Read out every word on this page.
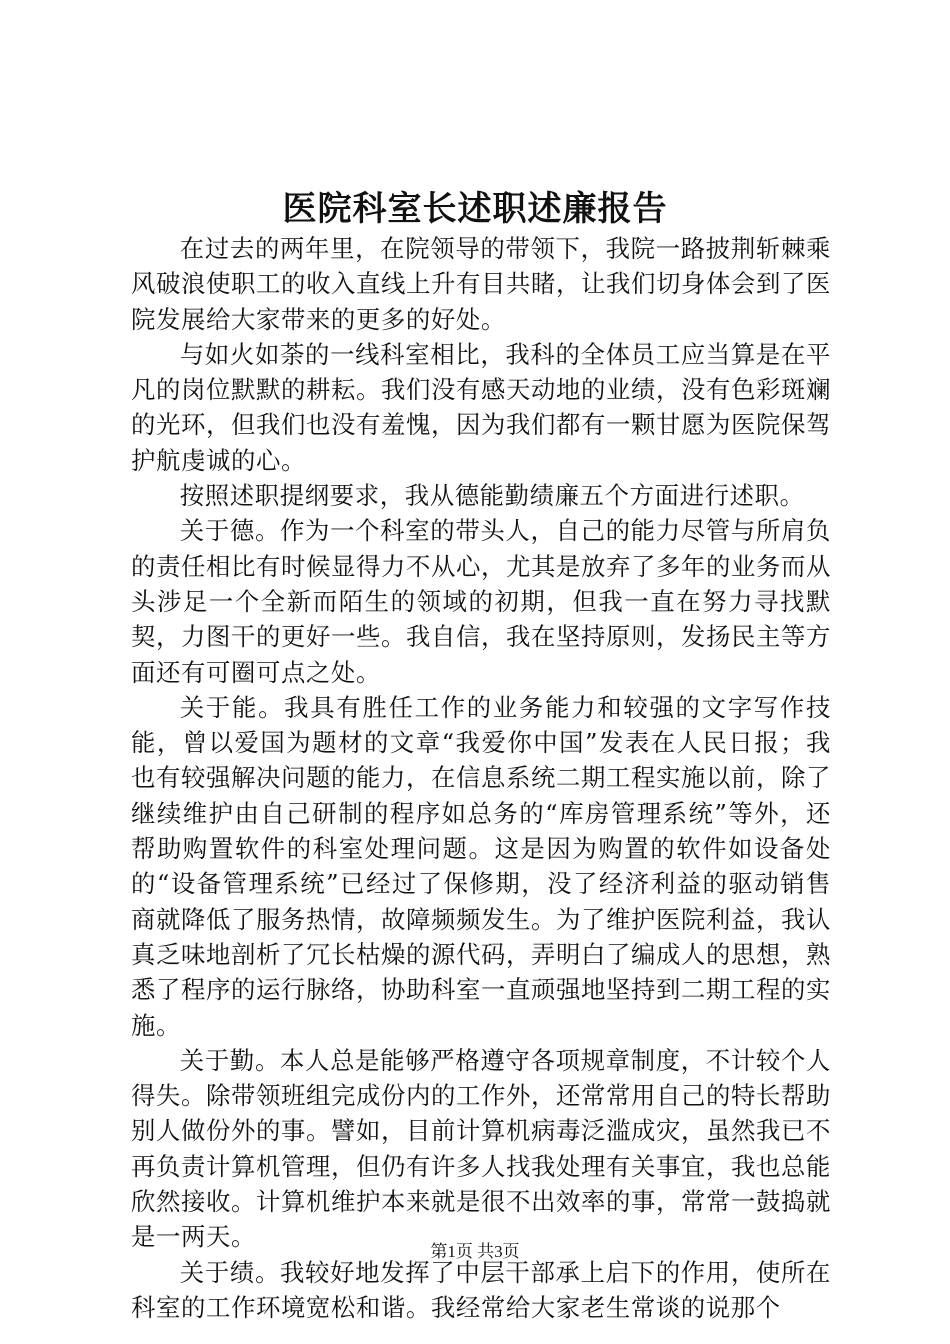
医院科室长述职述廉报告

在过去的两年里，在院领导的带领下，我院一路披荆斩棘乘风破浪使职工的收入直线上升有目共睹，让我们切身体会到了医院发展给大家带来的更多的好处。

与如火如荼的一线科室相比，我科的全体员工应当算是在平凡的岗位默默的耕耘。我们没有感天动地的业绩，没有色彩斑斓的光环，但我们也没有羞愧，因为我们都有一颗甘愿为医院保驾护航虔诚的心。

按照述职提纲要求，我从德能勤绩廉五个方面进行述职。

关于德。作为一个科室的带头人，自己的能力尽管与所肩负的责任相比有时候显得力不从心，尤其是放弃了多年的业务而从头涉足一个全新而陌生的领域的初期，但我一直在努力寻找默契，力图干的更好一些。我自信，我在坚持原则，发扬民主等方面还有可圈可点之处。

关于能。我具有胜任工作的业务能力和较强的文字写作技能，曾以爱国为题材的文章“我爱你中国”发表在人民日报；我也有较强解决问题的能力，在信息系统二期工程实施以前，除了继续维护由自己研制的程序如总务的“库房管理系统”等外，还帮助购置软件的科室处理问题。这是因为购置的软件如设备处的“设备管理系统”已经过了保修期，没了经济利益的驱动销售商就降低了服务热情，故障频频发生。为了维护医院利益，我认真乏味地剖析了冗长枯燥的源代码，弄明白了编成人的思想，熟悉了程序的运行脉络，协助科室一直顽强地坚持到二期工程的实施。

关于勤。本人总是能够严格遵守各项规章制度，不计较个人得失。除带领班组完成份内的工作外，还常常用自己的特长帮助别人做份外的事。譬如，目前计算机病毒泛滥成灾，虽然我已不再负责计算机管理，但仍有许多人找我处理有关事宜，我也总能欣然接收。计算机维护本来就是很不出效率的事，常常一鼓捣就是一两天。

关于绩。我较好地发挥了中层干部承上启下的作用，使所在科室的工作环境宽松和谐。我经常给大家老生常谈的说那个

第1页 共3页
